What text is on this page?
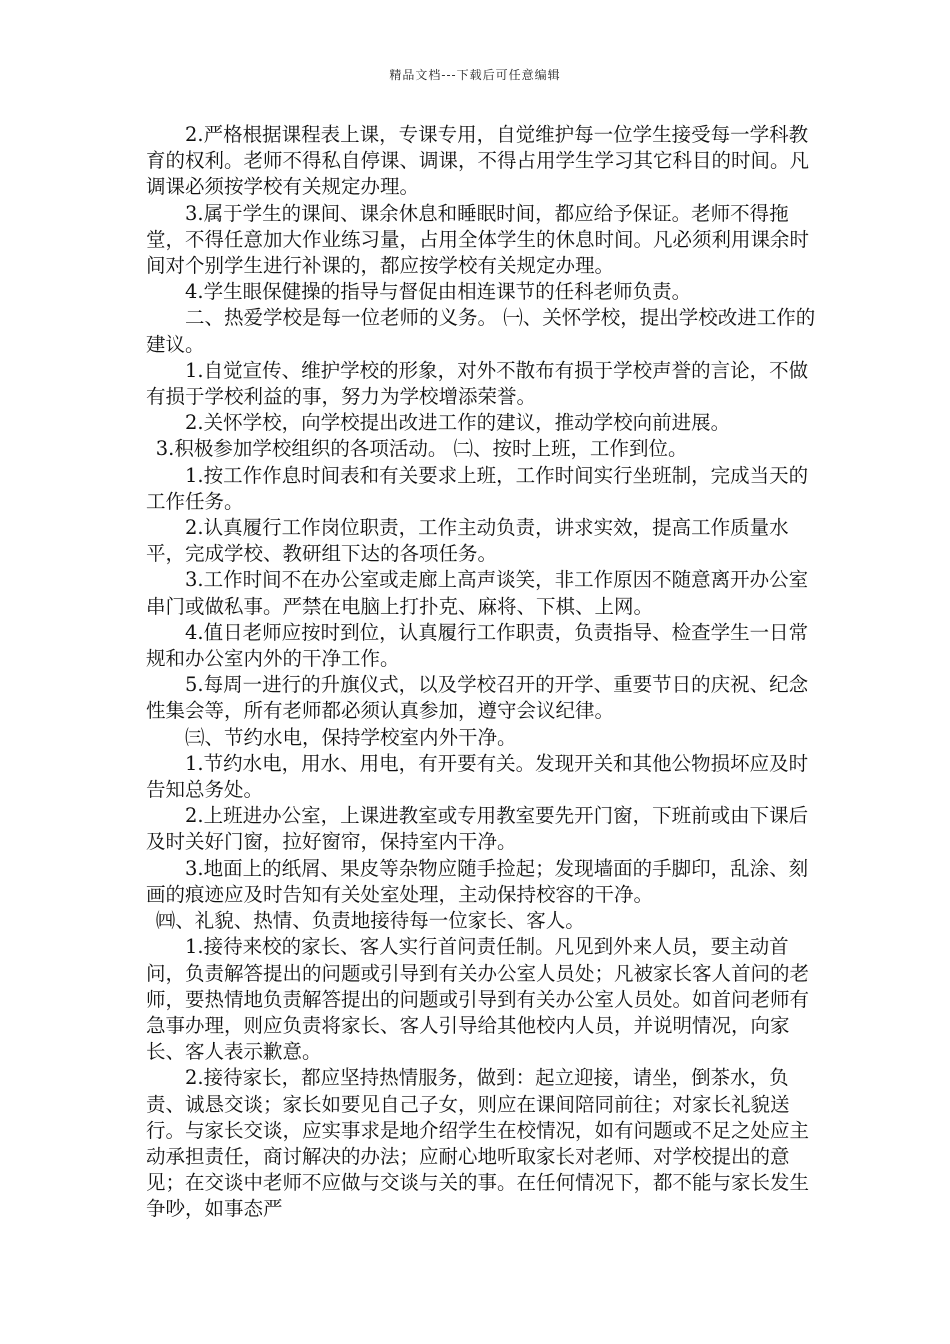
精品文档---下载后可任意编辑

2.严格根据课程表上课，专课专用，自觉维护每一位学生接受每一学科教育的权利。老师不得私自停课、调课，不得占用学生学习其它科目的时间。凡调课必须按学校有关规定办理。

3.属于学生的课间、课余休息和睡眠时间，都应给予保证。老师不得拖堂，不得任意加大作业练习量，占用全体学生的休息时间。凡必须利用课余时间对个别学生进行补课的，都应按学校有关规定办理。

4.学生眼保健操的指导与督促由相连课节的任科老师负责。

二、热爱学校是每一位老师的义务。 ㈠、关怀学校，提出学校改进工作的建议。

1.自觉宣传、维护学校的形象，对外不散布有损于学校声誉的言论，不做有损于学校利益的事，努力为学校增添荣誉。

2.关怀学校，向学校提出改进工作的建议，推动学校向前进展。

3.积极参加学校组织的各项活动。 ㈡、按时上班，工作到位。

1.按工作作息时间表和有关要求上班，工作时间实行坐班制，完成当天的工作任务。

2.认真履行工作岗位职责，工作主动负责，讲求实效，提高工作质量水平，完成学校、教研组下达的各项任务。

3.工作时间不在办公室或走廊上高声谈笑，非工作原因不随意离开办公室串门或做私事。严禁在电脑上打扑克、麻将、下棋、上网。

4.值日老师应按时到位，认真履行工作职责，负责指导、检查学生一日常规和办公室内外的干净工作。

5.每周一进行的升旗仪式，以及学校召开的开学、重要节日的庆祝、纪念性集会等，所有老师都必须认真参加，遵守会议纪律。

㈢、节约水电，保持学校室内外干净。

1.节约水电，用水、用电，有开要有关。发现开关和其他公物损坏应及时告知总务处。

2.上班进办公室，上课进教室或专用教室要先开门窗，下班前或由下课后及时关好门窗，拉好窗帘，保持室内干净。

3.地面上的纸屑、果皮等杂物应随手捡起；发现墙面的手脚印，乱涂、刻画的痕迹应及时告知有关处室处理，主动保持校容的干净。

㈣、礼貌、热情、负责地接待每一位家长、客人。

1.接待来校的家长、客人实行首问责任制。凡见到外来人员，要主动首问，负责解答提出的问题或引导到有关办公室人员处；凡被家长客人首问的老师，要热情地负责解答提出的问题或引导到有关办公室人员处。如首问老师有急事办理，则应负责将家长、客人引导给其他校内人员，并说明情况，向家长、客人表示歉意。

2.接待家长，都应坚持热情服务，做到：起立迎接，请坐，倒茶水，负责、诚恳交谈；家长如要见自己子女，则应在课间陪同前往；对家长礼貌送行。与家长交谈，应实事求是地介绍学生在校情况，如有问题或不足之处应主动承担责任，商讨解决的办法；应耐心地听取家长对老师、对学校提出的意见；在交谈中老师不应做与交谈与关的事。在任何情况下，都不能与家长发生争吵，如事态严
